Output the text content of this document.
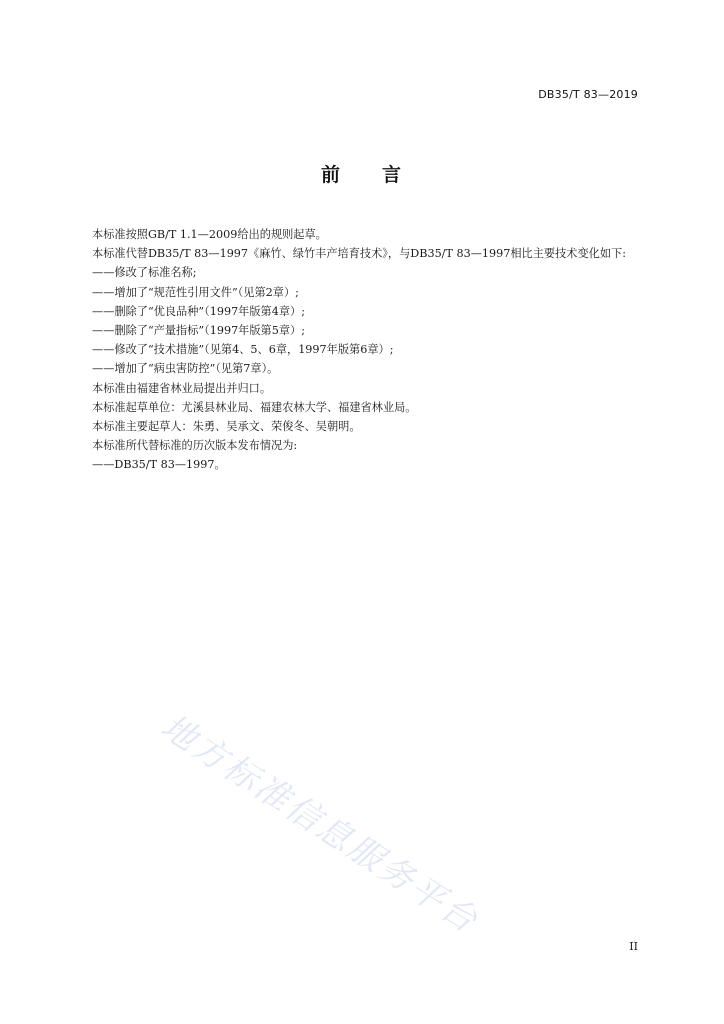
DB35/T 83—2019
前 言

本标准按照GB/T 1.1—2009给出的规则起草。

本标准代替DB35/T 83—1997《麻竹、绿竹丰产培育技术》，与DB35/T 83—1997相比主要技术变化如下:

——修改了标准名称;

——增加了“规范性引用文件”（见第2章）;

——删除了“优良品种”（1997年版第4章）;

——删除了“产量指标”（1997年版第5章）;

——修改了“技术措施”（见第4、5、6章，1997年版第6章）;

——增加了“病虫害防控”（见第7章）。

本标准由福建省林业局提出并归口。

本标准起草单位：尤溪县林业局、福建农林大学、福建省林业局。

本标准主要起草人：朱勇、吴承文、荣俊冬、吴朝明。

本标准所代替标准的历次版本发布情况为:

——DB35/T 83—1997。

地方标准信息服务平台
II
